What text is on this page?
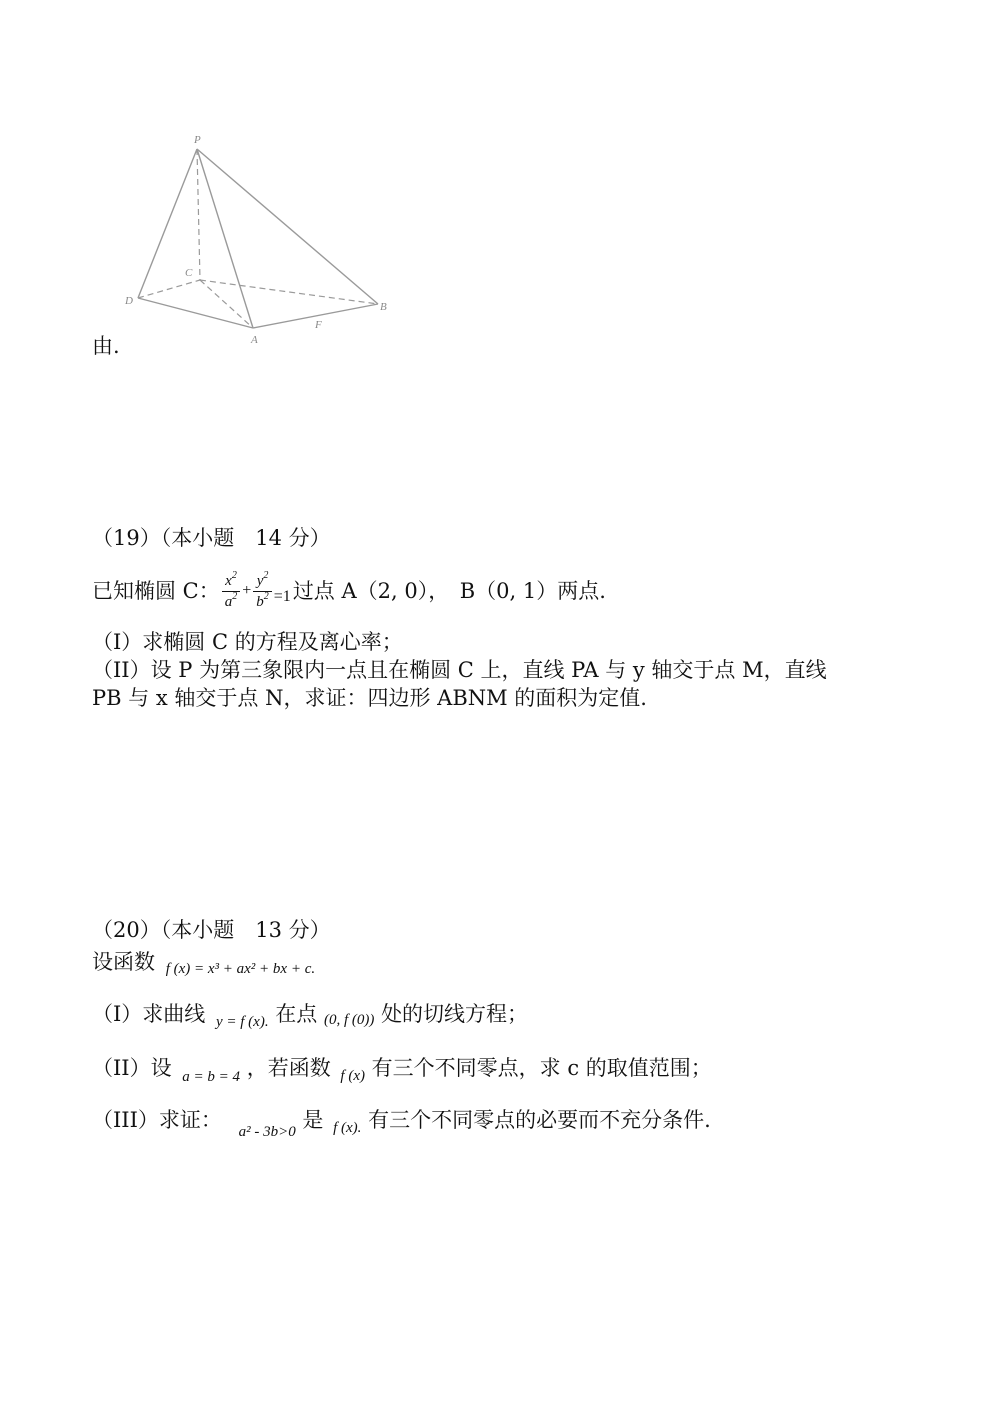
P
C
D
A
F
B
由.
（19）（本小题　14 分）
已知椭圆 C： $\frac{x^2}{a^2} + \frac{y^2}{b^2} =1$ 过点 A（2, 0），　B（0, 1）两点.
（I）求椭圆 C 的方程及离心率；
（II）设 P 为第三象限内一点且在椭圆 C 上，直线 PA 与 y 轴交于点 M，直线
PB 与 x 轴交于点 N，求证：四边形 ABNM 的面积为定值.
（20）（本小题　13 分）
设函数 f (x) = x³ + ax² + bx + c.
（I）求曲线 $_{y = f (x).}$ 在点 (0, f (0)) 处的切线方程；
（II）设 $_{a = b = 4}$ ，若函数 $_{f (x)}$ 有三个不同零点，求 c 的取值范围；
（III）求证： $_{a^2 - 3b>0}$ 是 $_{f (x).}$ 有三个不同零点的必要而不充分条件.
